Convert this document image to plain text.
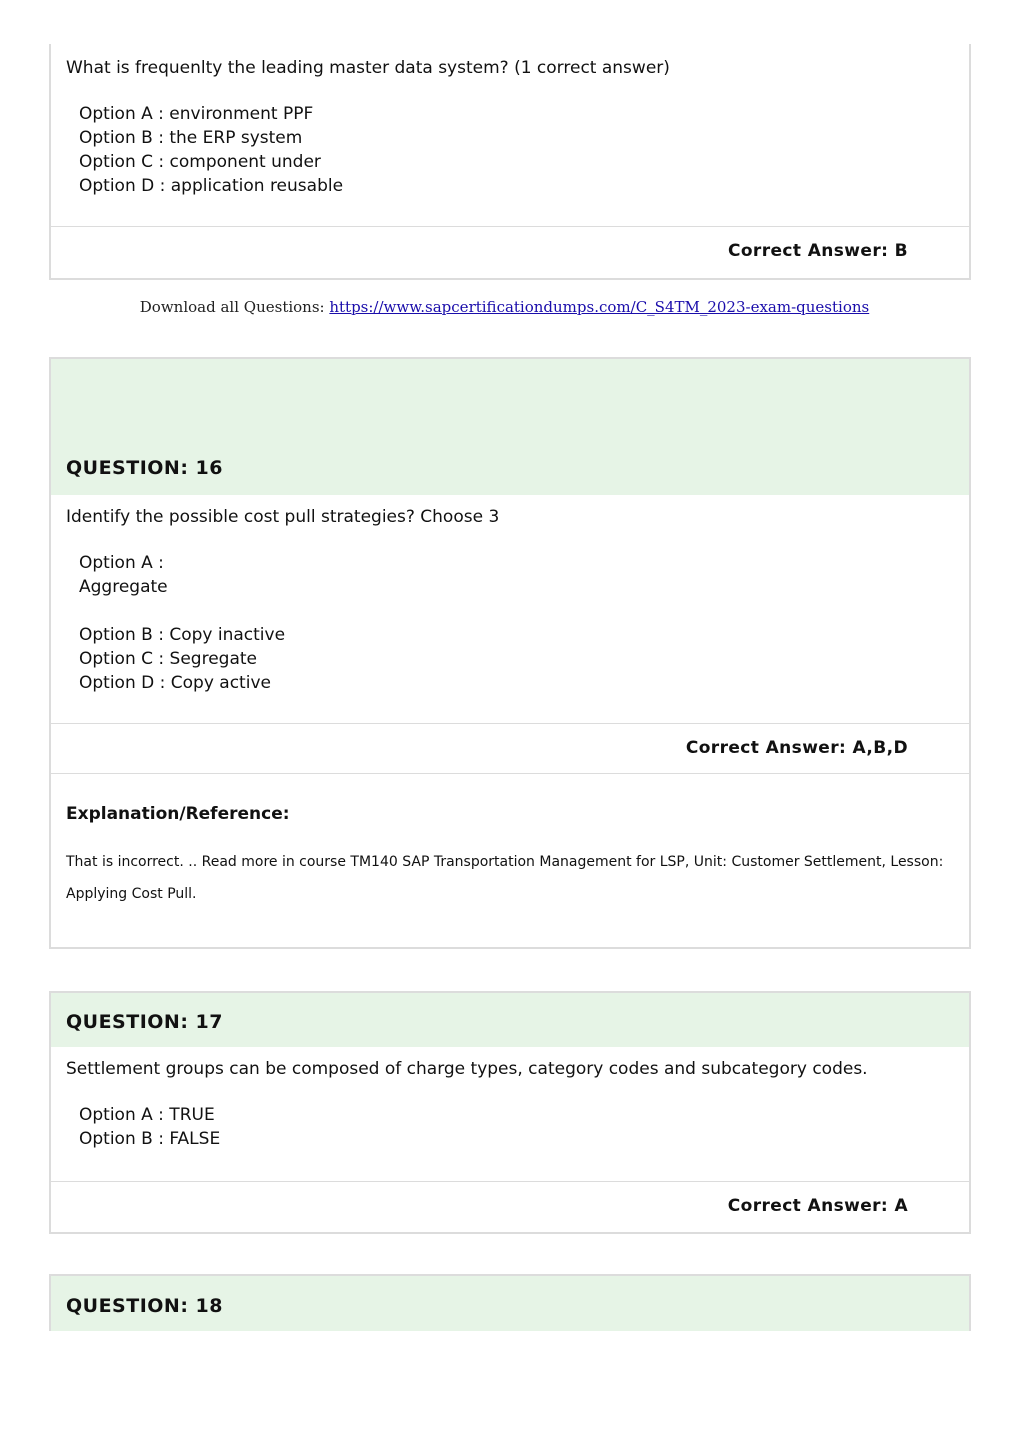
What is frequenlty the leading master data system? (1 correct answer)
Option A : environment PPF
Option B : the ERP system
Option C : component under
Option D : application reusable
Correct Answer: B
Download all Questions: https://www.sapcertificationdumps.com/C_S4TM_2023-exam-questions
QUESTION: 16
Identify the possible cost pull strategies? Choose 3
Option A :
Aggregate

Option B : Copy inactive
Option C : Segregate
Option D : Copy active
Correct Answer: A,B,D
Explanation/Reference:
That is incorrect. .. Read more in course TM140 SAP Transportation Management for LSP, Unit: Customer Settlement, Lesson:
Applying Cost Pull.
QUESTION: 17
Settlement groups can be composed of charge types, category codes and subcategory codes.
Option A : TRUE
Option B : FALSE
Correct Answer: A
QUESTION: 18
